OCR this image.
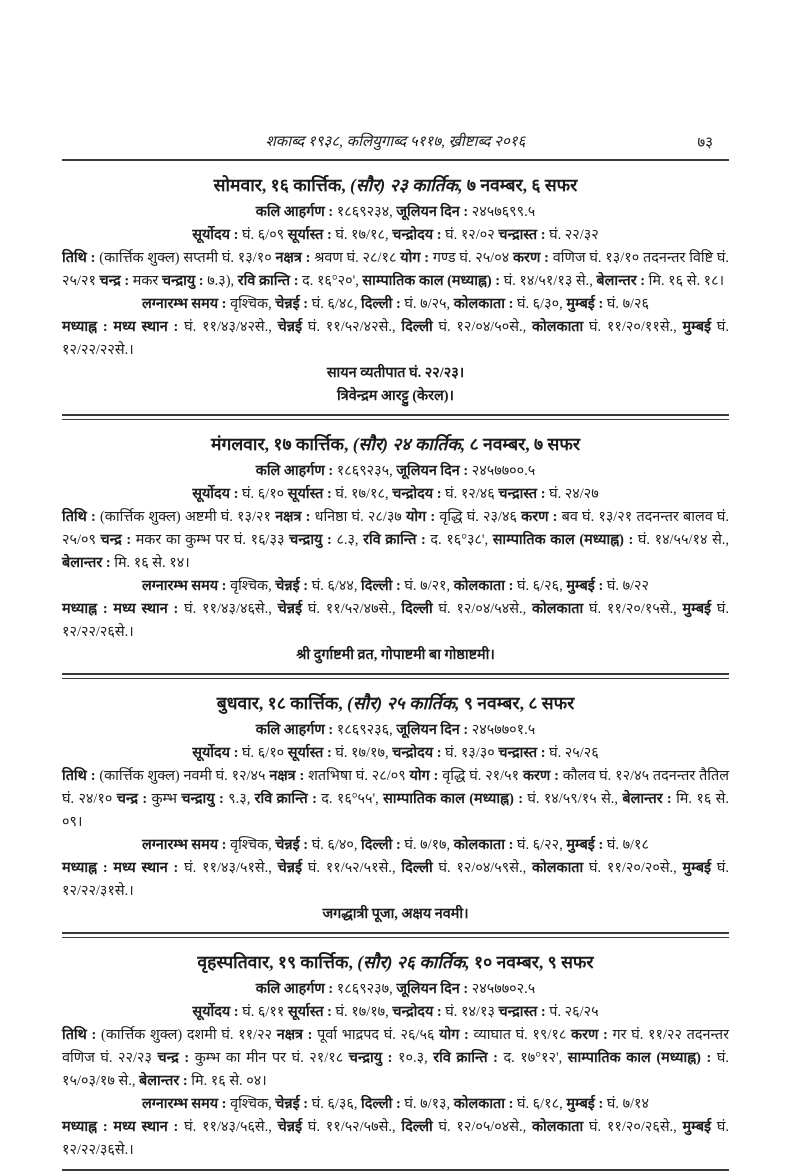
शकाब्द १९३८, कलियुगाब्द ५११७, ख्रीष्टाब्द २०१६	७३
सोमवार, १६ कार्त्तिक, (सौर) २३ कार्तिक, ७ नवम्बर, ६ सफर

कलि आहर्गण : १८६९२३४, जूलियन दिन : २४५७६९९.५

सूर्योदय : घं. ६/०९ सूर्यास्त : घं. १७/१८, चन्द्रोदय : घं. १२/०२ चन्द्रास्त : घं. २२/३२

तिथि : (कार्त्तिक शुक्ल) सप्तमी घं. १३/१० नक्षत्र : श्रवण घं. २८/१८ योग : गण्ड घं. २५/०४ करण : वणिज घं. १३/१० तदनन्तर विष्टि घं. २५/२१ चन्द्र : मकर चन्द्रायु : ७.३), रवि क्रान्ति : द. १६°२०', साम्पातिक काल (मध्याह्न) : घं. १४/५१/१३ से., बेलान्तर : मि. १६ से. १८।

लग्नारम्भ समय : वृश्चिक, चेन्नई : घं. ६/४८, दिल्ली : घं. ७/२५, कोलकाता : घं. ६/३०, मुम्बई : घं. ७/२६

मध्याह्न : मध्य स्थान : घं. ११/४३/४२से., चेन्नई घं. ११/५२/४२से., दिल्ली घं. १२/०४/५०से., कोलकाता घं. ११/२०/११से., मुम्बई घं. १२/२२/२२से.।

सायन व्यतीपात घं. २२/२३।

त्रिवेन्द्रम आरट्टु (केरल)।

मंगलवार, १७ कार्त्तिक, (सौर) २४ कार्तिक, ८ नवम्बर, ७ सफर

कलि आहर्गण : १८६९२३५, जूलियन दिन : २४५७७००.५

सूर्योदय : घं. ६/१० सूर्यास्त : घं. १७/१८, चन्द्रोदय : घं. १२/४६ चन्द्रास्त : घं. २४/२७

तिथि : (कार्त्तिक शुक्ल) अष्टमी घं. १३/२१ नक्षत्र : धनिष्ठा घं. २८/३७ योग : वृद्धि घं. २३/४६ करण : बव घं. १३/२१ तदनन्तर बालव घं. २५/०९ चन्द्र : मकर का कुम्भ पर घं. १६/३३ चन्द्रायु : ८.३, रवि क्रान्ति : द. १६°३८', साम्पातिक काल (मध्याह्न) : घं. १४/५५/१४ से., बेलान्तर : मि. १६ से. १४।

लग्नारम्भ समय : वृश्चिक, चेन्नई : घं. ६/४४, दिल्ली : घं. ७/२१, कोलकाता : घं. ६/२६, मुम्बई : घं. ७/२२

मध्याह्न : मध्य स्थान : घं. ११/४३/४६से., चेन्नई घं. ११/५२/४७से., दिल्ली घं. १२/०४/५४से., कोलकाता घं. ११/२०/१५से., मुम्बई घं. १२/२२/२६से.।

श्री दुर्गाष्टमी व्रत, गोपाष्टमी बा गोष्ठाष्टमी।

बुधवार, १८ कार्त्तिक, (सौर) २५ कार्तिक, ९ नवम्बर, ८ सफर

कलि आहर्गण : १८६९२३६, जूलियन दिन : २४५७७०१.५

सूर्योदय : घं. ६/१० सूर्यास्त : घं. १७/१७, चन्द्रोदय : घं. १३/३० चन्द्रास्त : घं. २५/२६

तिथि : (कार्त्तिक शुक्ल) नवमी घं. १२/४५ नक्षत्र : शतभिषा घं. २८/०९ योग : वृद्धि घं. २१/५१ करण : कौलव घं. १२/४५ तदनन्तर तैतिल घं. २४/१० चन्द्र : कुम्भ चन्द्रायु : ९.३, रवि क्रान्ति : द. १६°५५', साम्पातिक काल (मध्याह्न) : घं. १४/५९/१५ से., बेलान्तर : मि. १६ से. ०९।

लग्नारम्भ समय : वृश्चिक, चेन्नई : घं. ६/४०, दिल्ली : घं. ७/१७, कोलकाता : घं. ६/२२, मुम्बई : घं. ७/१८

मध्याह्न : मध्य स्थान : घं. ११/४३/५१से., चेन्नई घं. ११/५२/५१से., दिल्ली घं. १२/०४/५९से., कोलकाता घं. ११/२०/२०से., मुम्बई घं. १२/२२/३१से.।

जगद्धात्री पूजा, अक्षय नवमी।

वृहस्पतिवार, १९ कार्त्तिक, (सौर) २६ कार्तिक, १० नवम्बर, ९ सफर

कलि आहर्गण : १८६९२३७, जूलियन दिन : २४५७७०२.५

सूर्योदय : घं. ६/११ सूर्यास्त : घं. १७/१७, चन्द्रोदय : घं. १४/१३ चन्द्रास्त : पं. २६/२५

तिथि : (कार्त्तिक शुक्ल) दशमी घं. ११/२२ नक्षत्र : पूर्वा भाद्रपद घं. २६/५६ योग : व्याघात घं. १९/१८ करण : गर घं. ११/२२ तदनन्तर वणिज घं. २२/२३ चन्द्र : कुम्भ का मीन पर घं. २१/१८ चन्द्रायु : १०.३, रवि क्रान्ति : द. १७°१२', साम्पातिक काल (मध्याह्न) : घं. १५/०३/१७ से., बेलान्तर : मि. १६ से. ०४।

लग्नारम्भ समय : वृश्चिक, चेन्नई : घं. ६/३६, दिल्ली : घं. ७/१३, कोलकाता : घं. ६/१८, मुम्बई : घं. ७/१४

मध्याह्न : मध्य स्थान : घं. ११/४३/५६से., चेन्नई घं. ११/५२/५७से., दिल्ली घं. १२/०५/०४से., कोलकाता घं. ११/२०/२६से., मुम्बई घं. १२/२२/३६से.।
